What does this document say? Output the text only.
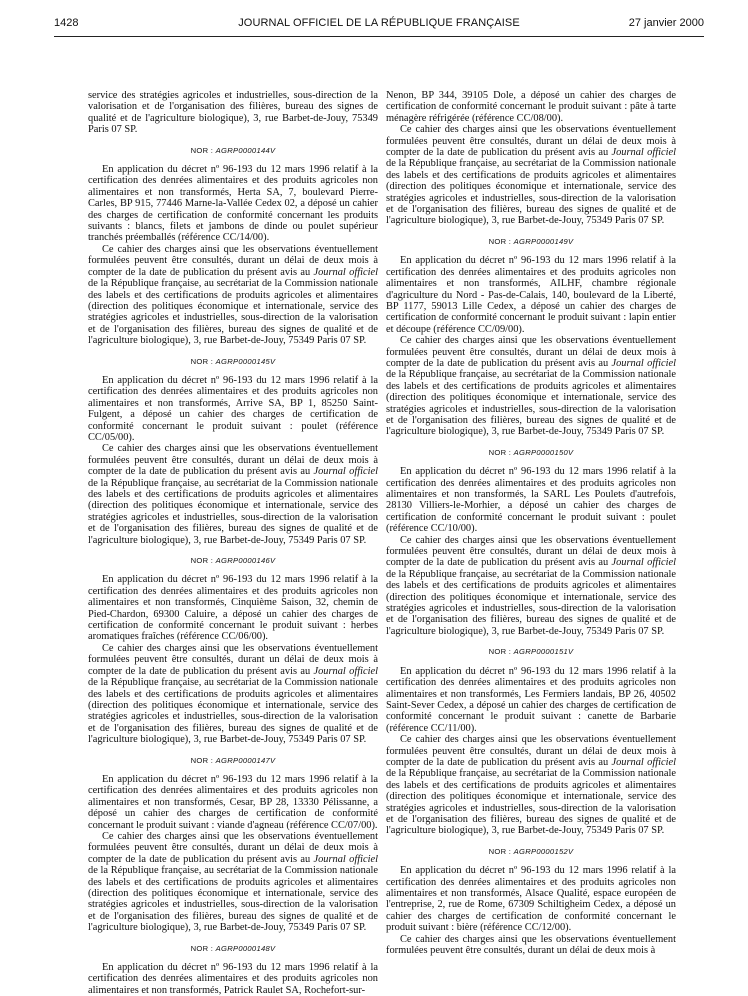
1428	JOURNAL OFFICIEL DE LA RÉPUBLIQUE FRANÇAISE	27 janvier 2000

service des stratégies agricoles et industrielles, sous-direction de la valorisation et de l'organisation des filières, bureau des signes de qualité et de l'agriculture biologique), 3, rue Barbet-de-Jouy, 75349 Paris 07 SP.

NOR : AGRP0000144V

En application du décret nº 96-193 du 12 mars 1996 relatif à la certification des denrées alimentaires et des produits agricoles non alimentaires et non transformés, Herta SA, 7, boulevard Pierre-Carles, BP 915, 77446 Marne-la-Vallée Cedex 02, a déposé un cahier des charges de certification de conformité concernant les produits suivants : blancs, filets et jambons de dinde ou poulet supérieur tranchés préemballés (référence CC/14/00).

Ce cahier des charges ainsi que les observations éventuellement formulées peuvent être consultés, durant un délai de deux mois à compter de la date de publication du présent avis au Journal officiel de la République française, au secrétariat de la Commission nationale des labels et des certifications de produits agricoles et alimentaires (direction des politiques économique et internationale, service des stratégies agricoles et industrielles, sous-direction de la valorisation et de l'organisation des filières, bureau des signes de qualité et de l'agriculture biologique), 3, rue Barbet-de-Jouy, 75349 Paris 07 SP.

NOR : AGRP0000145V

En application du décret nº 96-193 du 12 mars 1996 relatif à la certification des denrées alimentaires et des produits agricoles non alimentaires et non transformés, Arrive SA, BP 1, 85250 Saint-Fulgent, a déposé un cahier des charges de certification de conformité concernant le produit suivant : poulet (référence CC/05/00).

Ce cahier des charges ainsi que les observations éventuellement formulées peuvent être consultés, durant un délai de deux mois à compter de la date de publication du présent avis au Journal officiel de la République française, au secrétariat de la Commission nationale des labels et des certifications de produits agricoles et alimentaires (direction des politiques économique et internationale, service des stratégies agricoles et industrielles, sous-direction de la valorisation et de l'organisation des filières, bureau des signes de qualité et de l'agriculture biologique), 3, rue Barbet-de-Jouy, 75349 Paris 07 SP.

NOR : AGRP0000146V

En application du décret nº 96-193 du 12 mars 1996 relatif à la certification des denrées alimentaires et des produits agricoles non alimentaires et non transformés, Cinquième Saison, 32, chemin de Pied-Chardon, 69300 Caluire, a déposé un cahier des charges de certification de conformité concernant le produit suivant : herbes aromatiques fraîches (référence CC/06/00).

Ce cahier des charges ainsi que les observations éventuellement formulées peuvent être consultés, durant un délai de deux mois à compter de la date de publication du présent avis au Journal officiel de la République française, au secrétariat de la Commission nationale des labels et des certifications de produits agricoles et alimentaires (direction des politiques économique et internationale, service des stratégies agricoles et industrielles, sous-direction de la valorisation et de l'organisation des filières, bureau des signes de qualité et de l'agriculture biologique), 3, rue Barbet-de-Jouy, 75349 Paris 07 SP.

NOR : AGRP0000147V

En application du décret nº 96-193 du 12 mars 1996 relatif à la certification des denrées alimentaires et des produits agricoles non alimentaires et non transformés, Cesar, BP 28, 13330 Pélissanne, a déposé un cahier des charges de certification de conformité concernant le produit suivant : viande d'agneau (référence CC/07/00).

Ce cahier des charges ainsi que les observations éventuellement formulées peuvent être consultés, durant un délai de deux mois à compter de la date de publication du présent avis au Journal officiel de la République française, au secrétariat de la Commission nationale des labels et des certifications de produits agricoles et alimentaires (direction des politiques économique et internationale, service des stratégies agricoles et industrielles, sous-direction de la valorisation et de l'organisation des filières, bureau des signes de qualité et de l'agriculture biologique), 3, rue Barbet-de-Jouy, 75349 Paris 07 SP.

NOR : AGRP0000148V

En application du décret nº 96-193 du 12 mars 1996 relatif à la certification des denrées alimentaires et des produits agricoles non alimentaires et non transformés, Patrick Raulet SA, Rochefort-sur-

Nenon, BP 344, 39105 Dole, a déposé un cahier des charges de certification de conformité concernant le produit suivant : pâte à tarte ménagère réfrigérée (référence CC/08/00).

Ce cahier des charges ainsi que les observations éventuellement formulées peuvent être consultés, durant un délai de deux mois à compter de la date de publication du présent avis au Journal officiel de la République française, au secrétariat de la Commission nationale des labels et des certifications de produits agricoles et alimentaires (direction des politiques économique et internationale, service des stratégies agricoles et industrielles, sous-direction de la valorisation et de l'organisation des filières, bureau des signes de qualité et de l'agriculture biologique), 3, rue Barbet-de-Jouy, 75349 Paris 07 SP.

NOR : AGRP0000149V

En application du décret nº 96-193 du 12 mars 1996 relatif à la certification des denrées alimentaires et des produits agricoles non alimentaires et non transformés, AILHF, chambre régionale d'agriculture du Nord - Pas-de-Calais, 140, boulevard de la Liberté, BP 1177, 59013 Lille Cedex, a déposé un cahier des charges de certification de conformité concernant le produit suivant : lapin entier et découpe (référence CC/09/00).

Ce cahier des charges ainsi que les observations éventuellement formulées peuvent être consultés, durant un délai de deux mois à compter de la date de publication du présent avis au Journal officiel de la République française, au secrétariat de la Commission nationale des labels et des certifications de produits agricoles et alimentaires (direction des politiques économique et internationale, service des stratégies agricoles et industrielles, sous-direction de la valorisation et de l'organisation des filières, bureau des signes de qualité et de l'agriculture biologique), 3, rue Barbet-de-Jouy, 75349 Paris 07 SP.

NOR : AGRP0000150V

En application du décret nº 96-193 du 12 mars 1996 relatif à la certification des denrées alimentaires et des produits agricoles non alimentaires et non transformés, la SARL Les Poulets d'autrefois, 28130 Villiers-le-Morhier, a déposé un cahier des charges de certification de conformité concernant le produit suivant : poulet (référence CC/10/00).

Ce cahier des charges ainsi que les observations éventuellement formulées peuvent être consultés, durant un délai de deux mois à compter de la date de publication du présent avis au Journal officiel de la République française, au secrétariat de la Commission nationale des labels et des certifications de produits agricoles et alimentaires (direction des politiques économique et internationale, service des stratégies agricoles et industrielles, sous-direction de la valorisation et de l'organisation des filières, bureau des signes de qualité et de l'agriculture biologique), 3, rue Barbet-de-Jouy, 75349 Paris 07 SP.

NOR : AGRP0000151V

En application du décret nº 96-193 du 12 mars 1996 relatif à la certification des denrées alimentaires et des produits agricoles non alimentaires et non transformés, Les Fermiers landais, BP 26, 40502 Saint-Sever Cedex, a déposé un cahier des charges de certification de conformité concernant le produit suivant : canette de Barbarie (référence CC/11/00).

Ce cahier des charges ainsi que les observations éventuellement formulées peuvent être consultés, durant un délai de deux mois à compter de la date de publication du présent avis au Journal officiel de la République française, au secrétariat de la Commission nationale des labels et des certifications de produits agricoles et alimentaires (direction des politiques économique et internationale, service des stratégies agricoles et industrielles, sous-direction de la valorisation et de l'organisation des filières, bureau des signes de qualité et de l'agriculture biologique), 3, rue Barbet-de-Jouy, 75349 Paris 07 SP.

NOR : AGRP0000152V

En application du décret nº 96-193 du 12 mars 1996 relatif à la certification des denrées alimentaires et des produits agricoles non alimentaires et non transformés, Alsace Qualité, espace européen de l'entreprise, 2, rue de Rome, 67309 Schiltigheim Cedex, a déposé un cahier des charges de certification de conformité concernant le produit suivant : bière (référence CC/12/00).

Ce cahier des charges ainsi que les observations éventuellement formulées peuvent être consultés, durant un délai de deux mois à
